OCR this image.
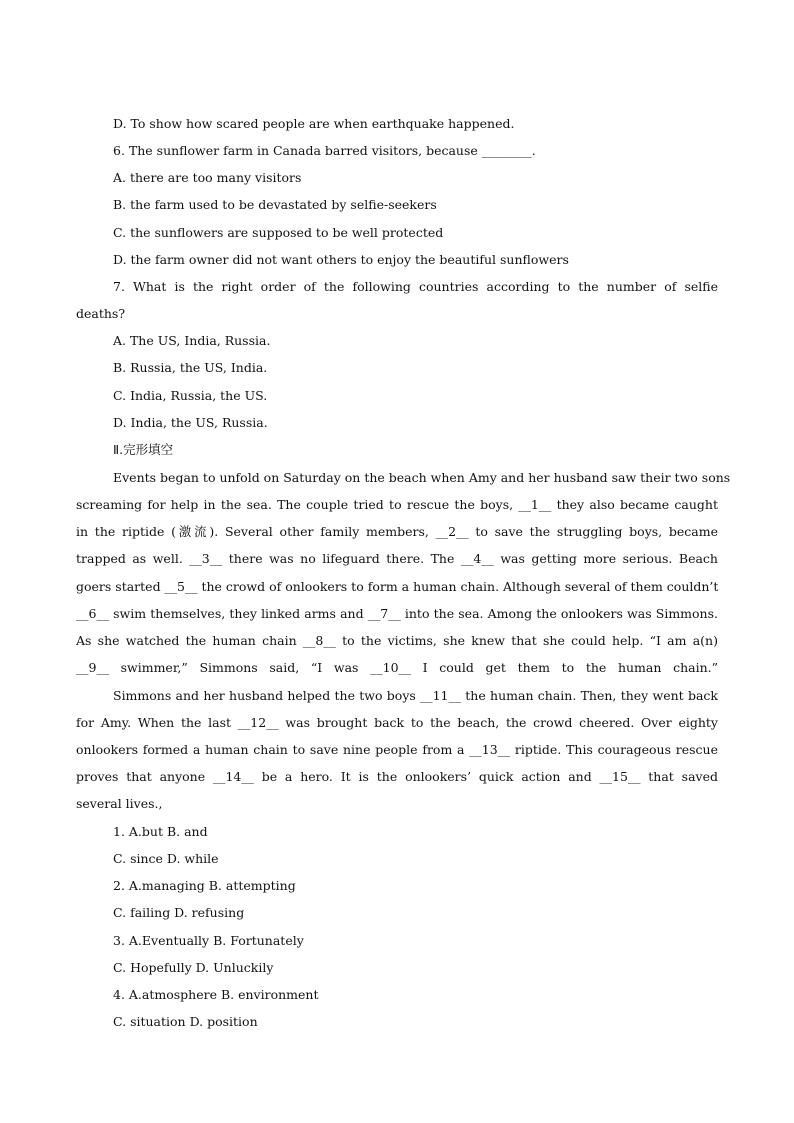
D. To show how scared people are when earthquake happened.
6. The sunflower farm in Canada barred visitors, because ________.
A. there are too many visitors
B. the farm used to be devastated by selfie-seekers
C. the sunflowers are supposed to be well protected
D. the farm owner did not want others to enjoy the beautiful sunflowers
7. What is the right order of the following countries according to the number of selfie
deaths?
A. The US, India, Russia.
B. Russia, the US, India.
C. India, Russia, the US.
D. India, the US, Russia.
Ⅱ.完形填空
Events began to unfold on Saturday on the beach when Amy and her husband saw their two sons
screaming for help in the sea. The couple tried to rescue the boys, __1__ they also became caught
in the riptide (激流). Several other family members, __2__ to save the struggling boys, became
trapped as well. __3__ there was no lifeguard there. The __4__ was getting more serious. Beach
goers started __5__ the crowd of onlookers to form a human chain. Although several of them couldn’t
__6__ swim themselves, they linked arms and __7__ into the sea. Among the onlookers was Simmons.
As she watched the human chain __8__ to the victims, she knew that she could help. “I am a(n)
__9__ swimmer,” Simmons said, “I was __10__ I could get them to the human chain.”
Simmons and her husband helped the two boys __11__ the human chain. Then, they went back
for Amy. When the last __12__ was brought back to the beach, the crowd cheered. Over eighty
onlookers formed a human chain to save nine people from a __13__ riptide. This courageous rescue
proves that anyone __14__ be a hero. It is the onlookers’ quick action and __15__ that saved
several lives.,
1. A.but B. and
C. since D. while
2. A.managing B. attempting
C. failing D. refusing
3. A.Eventually B. Fortunately
C. Hopefully D. Unluckily
4. A.atmosphere B. environment
C. situation D. position
